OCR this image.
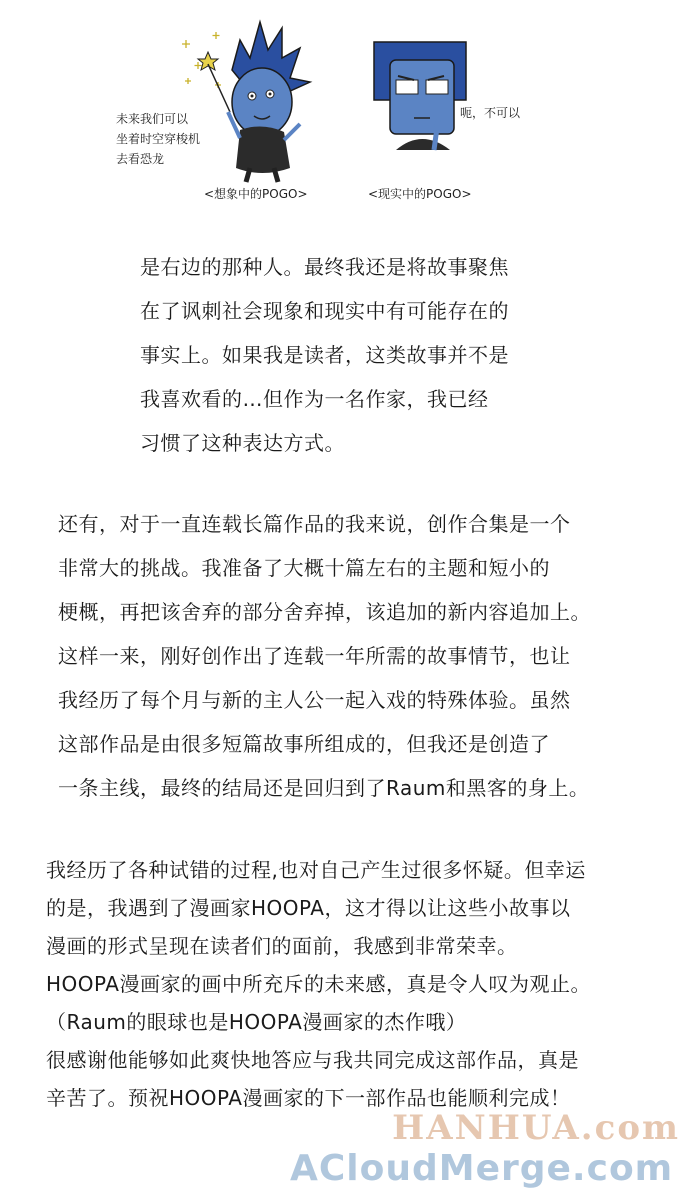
未来我们可以
坐着时空穿梭机
去看恐龙
<想象中的POGO>
呃，不可以
<现实中的POGO>
是右边的那种人。最终我还是将故事聚焦
在了讽刺社会现象和现实中有可能存在的
事实上。如果我是读者，这类故事并不是
我喜欢看的…但作为一名作家，我已经
习惯了这种表达方式。
还有，对于一直连载长篇作品的我来说，创作合集是一个
非常大的挑战。我准备了大概十篇左右的主题和短小的
梗概，再把该舍弃的部分舍弃掉，该追加的新内容追加上。
这样一来，刚好创作出了连载一年所需的故事情节，也让
我经历了每个月与新的主人公一起入戏的特殊体验。虽然
这部作品是由很多短篇故事所组成的，但我还是创造了
一条主线，最终的结局还是回归到了Raum和黑客的身上。
我经历了各种试错的过程,也对自己产生过很多怀疑。但幸运
的是，我遇到了漫画家HOOPA，这才得以让这些小故事以
漫画的形式呈现在读者们的面前，我感到非常荣幸。
HOOPA漫画家的画中所充斥的未来感，真是令人叹为观止。
（Raum的眼球也是HOOPA漫画家的杰作哦）
很感谢他能够如此爽快地答应与我共同完成这部作品，真是
辛苦了。预祝HOOPA漫画家的下一部作品也能顺利完成！
HANHUA.com
ACloudMerge.com
